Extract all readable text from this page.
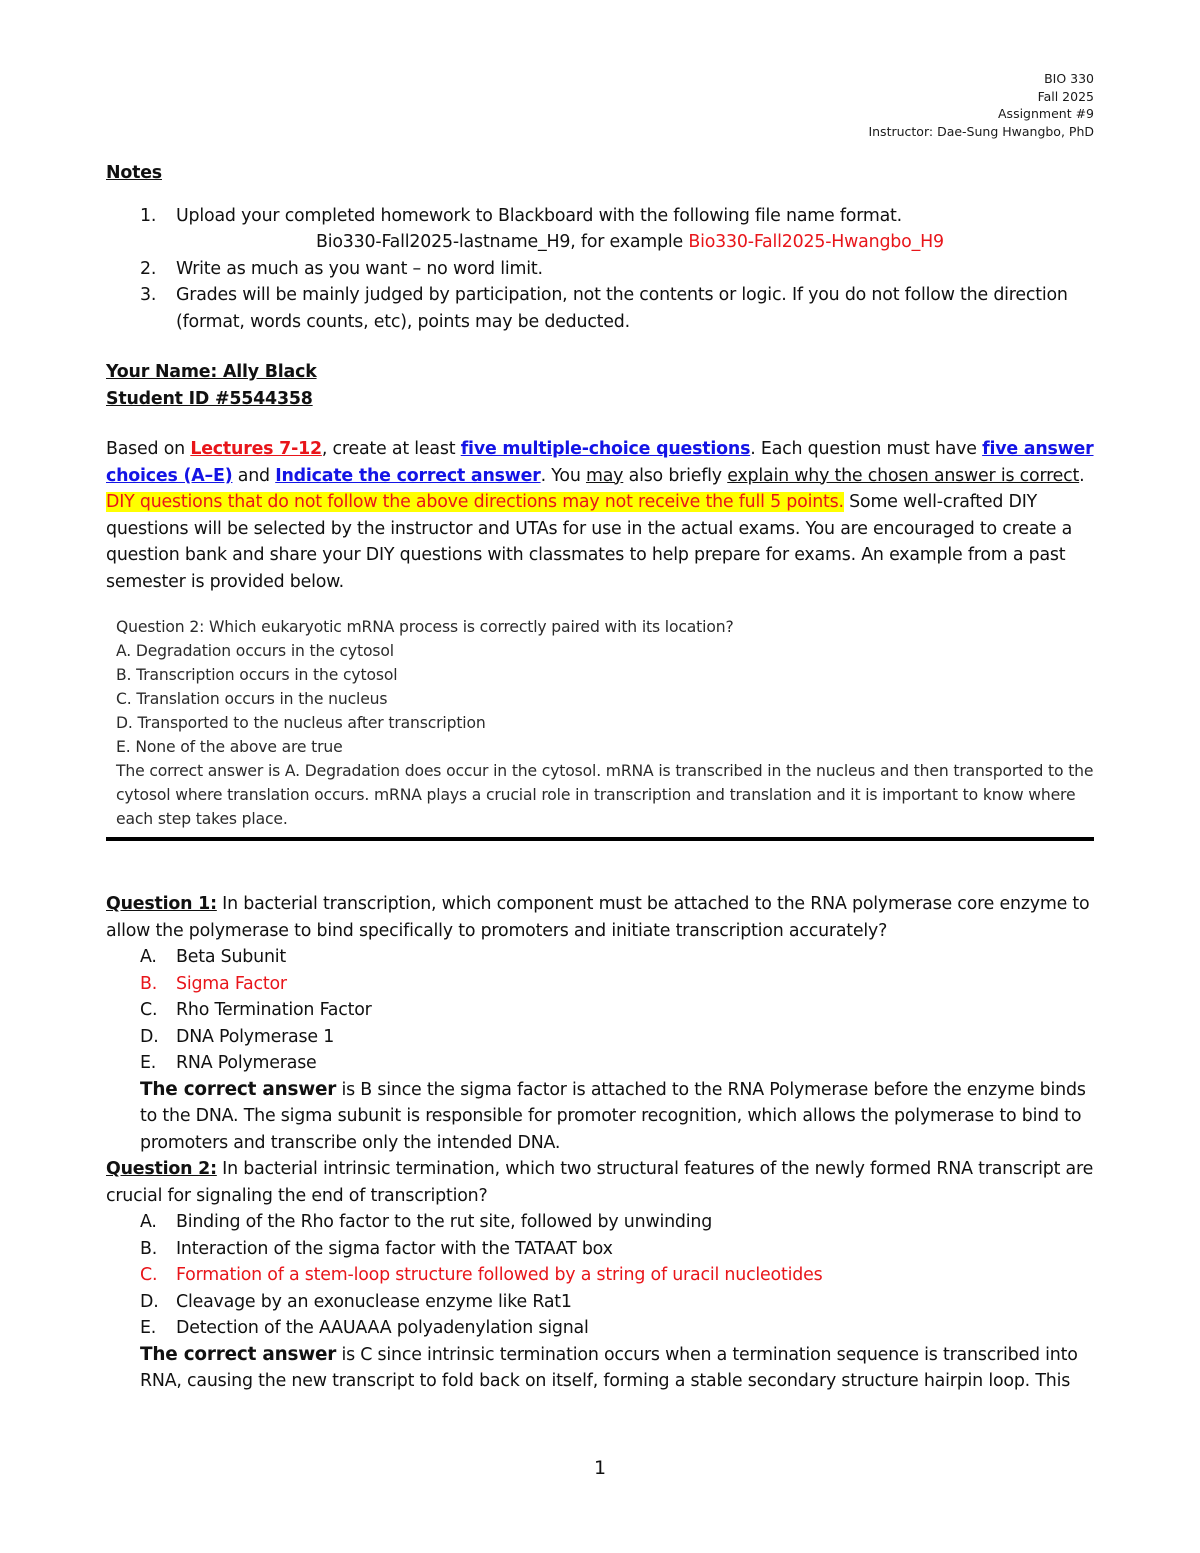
BIO 330
Fall 2025
Assignment #9
Instructor: Dae-Sung Hwangbo, PhD
Notes
1. Upload your completed homework to Blackboard with the following file name format.
Bio330-Fall2025-lastname_H9, for example Bio330-Fall2025-Hwangbo_H9
2. Write as much as you want – no word limit.
3. Grades will be mainly judged by participation, not the contents or logic. If you do not follow the direction (format, words counts, etc), points may be deducted.
Your Name: Ally Black
Student ID #5544358

Based on Lectures 7-12, create at least five multiple-choice questions. Each question must have five answer choices (A–E) and Indicate the correct answer. You may also briefly explain why the chosen answer is correct. DIY questions that do not follow the above directions may not receive the full 5 points. Some well-crafted DIY questions will be selected by the instructor and UTAs for use in the actual exams. You are encouraged to create a question bank and share your DIY questions with classmates to help prepare for exams. An example from a past semester is provided below.

Question 2: Which eukaryotic mRNA process is correctly paired with its location?
A. Degradation occurs in the cytosol
B. Transcription occurs in the cytosol
C. Translation occurs in the nucleus
D. Transported to the nucleus after transcription
E. None of the above are true
The correct answer is A. Degradation does occur in the cytosol. mRNA is transcribed in the nucleus and then transported to the cytosol where translation occurs. mRNA plays a crucial role in transcription and translation and it is important to know where each step takes place.
Question 1: In bacterial transcription, which component must be attached to the RNA polymerase core enzyme to allow the polymerase to bind specifically to promoters and initiate transcription accurately?
A. Beta Subunit
B. Sigma Factor
C. Rho Termination Factor
D. DNA Polymerase 1
E. RNA Polymerase
The correct answer is B since the sigma factor is attached to the RNA Polymerase before the enzyme binds to the DNA. The sigma subunit is responsible for promoter recognition, which allows the polymerase to bind to promoters and transcribe only the intended DNA.
Question 2: In bacterial intrinsic termination, which two structural features of the newly formed RNA transcript are crucial for signaling the end of transcription?
A. Binding of the Rho factor to the rut site, followed by unwinding
B. Interaction of the sigma factor with the TATAAT box
C. Formation of a stem-loop structure followed by a string of uracil nucleotides
D. Cleavage by an exonuclease enzyme like Rat1
E. Detection of the AAUAAA polyadenylation signal
The correct answer is C since intrinsic termination occurs when a termination sequence is transcribed into RNA, causing the new transcript to fold back on itself, forming a stable secondary structure hairpin loop. This
1
